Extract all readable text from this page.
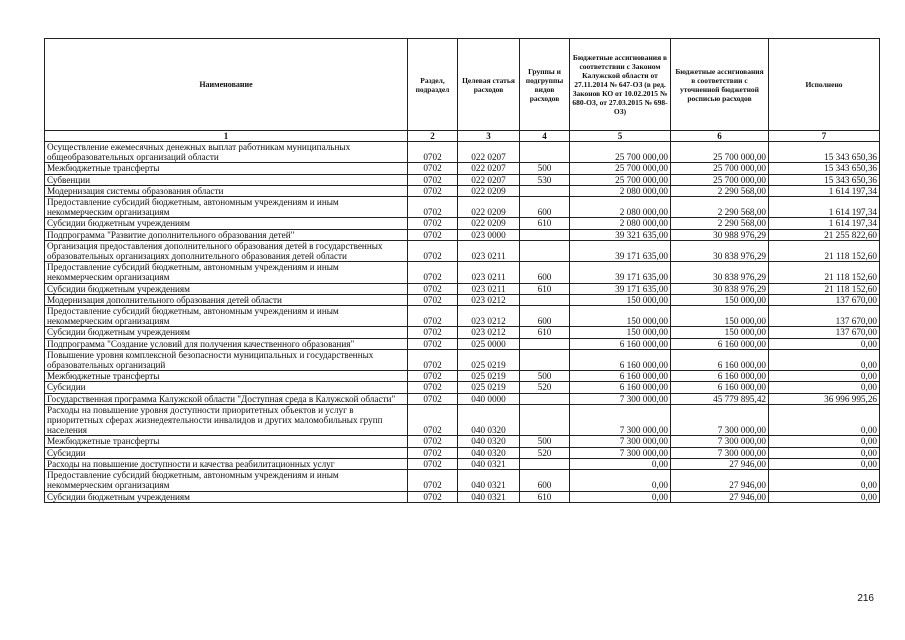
Наименование	Раздел, подраздел	Целевая статья расходов	Группы и подгруппы видов расходов	Бюджетные ассигнования в соответствии с Законом Калужской области от 27.11.2014 № 647-ОЗ (в ред. Законов КО от 10.02.2015 № 680-ОЗ, от 27.03.2015 № 698-ОЗ)	Бюджетные ассигнования в соответствии с уточненной бюджетной росписью расходов	Исполнено
1	2	3	4	5	6	7
Осуществление ежемесячных денежных выплат работникам муниципальных общеобразовательных организаций области	0702	022 0207		25 700 000,00	25 700 000,00	15 343 650,36
Межбюджетные трансферты	0702	022 0207	500	25 700 000,00	25 700 000,00	15 343 650,36
Субвенции	0702	022 0207	530	25 700 000,00	25 700 000,00	15 343 650,36
Модернизация системы образования области	0702	022 0209		2 080 000,00	2 290 568,00	1 614 197,34
Предоставление субсидий бюджетным, автономным учреждениям и иным некоммерческим организациям	0702	022 0209	600	2 080 000,00	2 290 568,00	1 614 197,34
Субсидии бюджетным учреждениям	0702	022 0209	610	2 080 000,00	2 290 568,00	1 614 197,34
Подпрограмма "Развитие дополнительного образования детей"	0702	023 0000		39 321 635,00	30 988 976,29	21 255 822,60
Организация предоставления дополнительного образования детей в государственных образовательных организациях дополнительного образования детей области	0702	023 0211		39 171 635,00	30 838 976,29	21 118 152,60
Предоставление субсидий бюджетным, автономным учреждениям и иным некоммерческим организациям	0702	023 0211	600	39 171 635,00	30 838 976,29	21 118 152,60
Субсидии бюджетным учреждениям	0702	023 0211	610	39 171 635,00	30 838 976,29	21 118 152,60
Модернизация дополнительного образования детей области	0702	023 0212		150 000,00	150 000,00	137 670,00
Предоставление субсидий бюджетным, автономным учреждениям и иным некоммерческим организациям	0702	023 0212	600	150 000,00	150 000,00	137 670,00
Субсидии бюджетным учреждениям	0702	023 0212	610	150 000,00	150 000,00	137 670,00
Подпрограмма "Создание условий для получения качественного образования"	0702	025 0000		6 160 000,00	6 160 000,00	0,00
Повышение уровня комплексной безопасности муниципальных и государственных образовательных организаций	0702	025 0219		6 160 000,00	6 160 000,00	0,00
Межбюджетные трансферты	0702	025 0219	500	6 160 000,00	6 160 000,00	0,00
Субсидии	0702	025 0219	520	6 160 000,00	6 160 000,00	0,00
Государственная программа Калужской области "Доступная среда в Калужской области"	0702	040 0000		7 300 000,00	45 779 895,42	36 996 995,26
Расходы на повышение уровня доступности приоритетных объектов и услуг в приоритетных сферах жизнедеятельности инвалидов и других маломобильных групп населения	0702	040 0320		7 300 000,00	7 300 000,00	0,00
Межбюджетные трансферты	0702	040 0320	500	7 300 000,00	7 300 000,00	0,00
Субсидии	0702	040 0320	520	7 300 000,00	7 300 000,00	0,00
Расходы на повышение доступности и качества реабилитационных услуг	0702	040 0321		0,00	27 946,00	0,00
Предоставление субсидий бюджетным, автономным учреждениям и иным некоммерческим организациям	0702	040 0321	600	0,00	27 946,00	0,00
Субсидии бюджетным учреждениям	0702	040 0321	610	0,00	27 946,00	0,00
216
